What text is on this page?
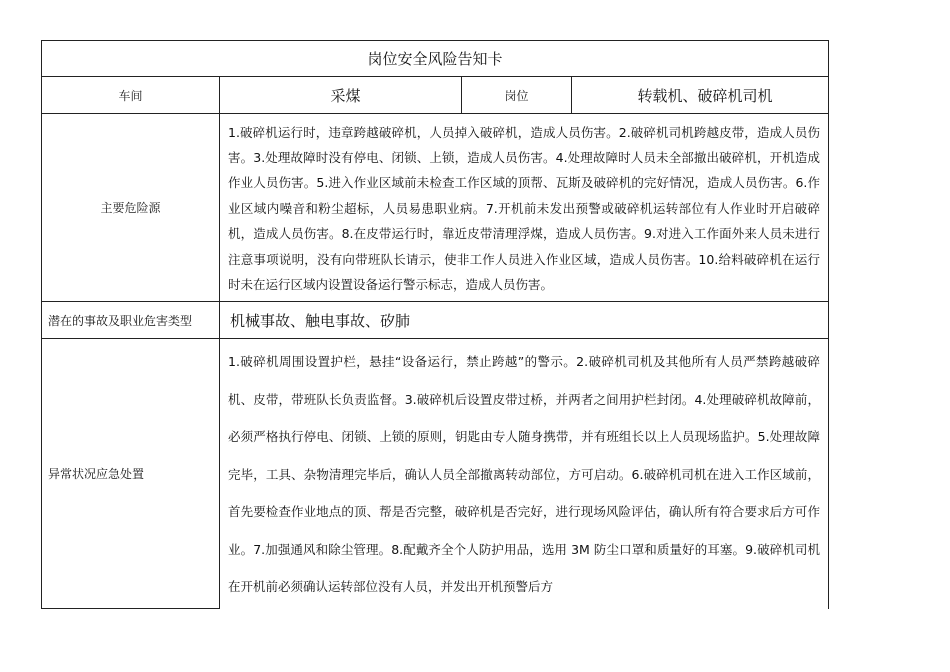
岗位安全风险告知卡			
车间	采煤	岗位	转载机、破碎机司机
主要危险源	1.破碎机运行时，违章跨越破碎机，人员掉入破碎机，造成人员伤害。2.破碎机司机跨越皮带，造成人员伤害。3.处理故障时没有停电、闭锁、上锁，造成人员伤害。4.处理故障时人员未全部撤出破碎机，开机造成作业人员伤害。5.进入作业区域前未检查工作区域的顶帮、瓦斯及破碎机的完好情况，造成人员伤害。6.作业区域内噪音和粉尘超标，人员易患职业病。7.开机前未发出预警或破碎机运转部位有人作业时开启破碎机，造成人员伤害。8.在皮带运行时，靠近皮带清理浮煤，造成人员伤害。9.对进入工作面外来人员未进行注意事项说明，没有向带班队长请示，使非工作人员进入作业区域，造成人员伤害。10.给料破碎机在运行时未在运行区域内设置设备运行警示标志，造成人员伤害。		
潜在的事故及职业危害类型	机械事故、触电事故、矽肺		
异常状况应急处置	1.破碎机周围设置护栏，悬挂“设备运行，禁止跨越”的警示。2.破碎机司机及其他所有人员严禁跨越破碎机、皮带，带班队长负责监督。3.破碎机后设置皮带过桥，并两者之间用护栏封闭。4.处理破碎机故障前，必须严格执行停电、闭锁、上锁的原则，钥匙由专人随身携带，并有班组长以上人员现场监护。5.处理故障完毕，工具、杂物清理完毕后，确认人员全部撤离转动部位，方可启动。6.破碎机司机在进入工作区域前，首先要检查作业地点的顶、帮是否完整，破碎机是否完好，进行现场风险评估，确认所有符合要求后方可作业。7.加强通风和除尘管理。8.配戴齐全个人防护用品，选用 3M 防尘口罩和质量好的耳塞。9.破碎机司机在开机前必须确认运转部位没有人员，并发出开机预警后方		
